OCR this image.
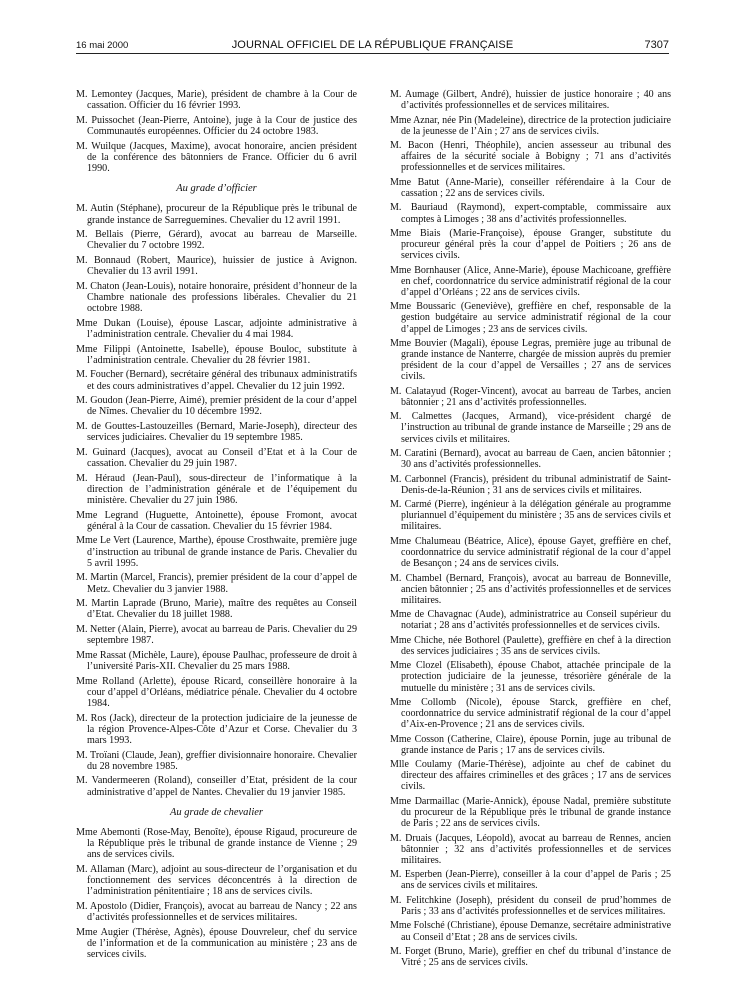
16 mai 2000	JOURNAL OFFICIEL DE LA RÉPUBLIQUE FRANÇAISE	7307

M. Lemontey (Jacques, Marie), président de chambre à la Cour de cassation. Officier du 16 février 1993.

M. Puissochet (Jean-Pierre, Antoine), juge à la Cour de justice des Communautés européennes. Officier du 24 octobre 1983.

M. Wuilque (Jacques, Maxime), avocat honoraire, ancien président de la conférence des bâtonniers de France. Officier du 6 avril 1990.

Au grade d’officier

M. Autin (Stéphane), procureur de la République près le tribunal de grande instance de Sarreguemines. Chevalier du 12 avril 1991.

M. Bellais (Pierre, Gérard), avocat au barreau de Marseille. Chevalier du 7 octobre 1992.

M. Bonnaud (Robert, Maurice), huissier de justice à Avignon. Chevalier du 13 avril 1991.

M. Chaton (Jean-Louis), notaire honoraire, président d’honneur de la Chambre nationale des professions libérales. Chevalier du 21 octobre 1988.

Mme Dukan (Louise), épouse Lascar, adjointe administrative à l’administration centrale. Chevalier du 4 mai 1984.

Mme Filippi (Antoinette, Isabelle), épouse Bouloc, substitute à l’administration centrale. Chevalier du 28 février 1981.

M. Foucher (Bernard), secrétaire général des tribunaux administratifs et des cours administratives d’appel. Chevalier du 12 juin 1992.

M. Goudon (Jean-Pierre, Aimé), premier président de la cour d’appel de Nîmes. Chevalier du 10 décembre 1992.

M. de Gouttes-Lastouzeilles (Bernard, Marie-Joseph), directeur des services judiciaires. Chevalier du 19 septembre 1985.

M. Guinard (Jacques), avocat au Conseil d’Etat et à la Cour de cassation. Chevalier du 29 juin 1987.

M. Héraud (Jean-Paul), sous-directeur de l’informatique à la direction de l’administration générale et de l’équipement du ministère. Chevalier du 27 juin 1986.

Mme Legrand (Huguette, Antoinette), épouse Fromont, avocat général à la Cour de cassation. Chevalier du 15 février 1984.

Mme Le Vert (Laurence, Marthe), épouse Crosthwaite, première juge d’instruction au tribunal de grande instance de Paris. Chevalier du 5 avril 1995.

M. Martin (Marcel, Francis), premier président de la cour d’appel de Metz. Chevalier du 3 janvier 1988.

M. Martin Laprade (Bruno, Marie), maître des requêtes au Conseil d’Etat. Chevalier du 18 juillet 1988.

M. Netter (Alain, Pierre), avocat au barreau de Paris. Chevalier du 29 septembre 1987.

Mme Rassat (Michèle, Laure), épouse Paulhac, professeure de droit à l’université Paris-XII. Chevalier du 25 mars 1988.

Mme Rolland (Arlette), épouse Ricard, conseillère honoraire à la cour d’appel d’Orléans, médiatrice pénale. Chevalier du 4 octobre 1984.

M. Ros (Jack), directeur de la protection judiciaire de la jeunesse de la région Provence-Alpes-Côte d’Azur et Corse. Chevalier du 3 mars 1993.

M. Troïani (Claude, Jean), greffier divisionnaire honoraire. Chevalier du 28 novembre 1985.

M. Vandermeeren (Roland), conseiller d’Etat, président de la cour administrative d’appel de Nantes. Chevalier du 19 janvier 1985.

Au grade de chevalier

Mme Abemonti (Rose-May, Benoîte), épouse Rigaud, procureure de la République près le tribunal de grande instance de Vienne ; 29 ans de services civils.

M. Allaman (Marc), adjoint au sous-directeur de l’organisation et du fonctionnement des services déconcentrés à la direction de l’administration pénitentiaire ; 18 ans de services civils.

M. Apostolo (Didier, François), avocat au barreau de Nancy ; 22 ans d’activités professionnelles et de services militaires.

Mme Augier (Thérèse, Agnès), épouse Douvreleur, chef du service de l’information et de la communication au ministère ; 23 ans de services civils.

M. Aumage (Gilbert, André), huissier de justice honoraire ; 40 ans d’activités professionnelles et de services militaires.

Mme Aznar, née Pin (Madeleine), directrice de la protection judiciaire de la jeunesse de l’Ain ; 27 ans de services civils.

M. Bacon (Henri, Théophile), ancien assesseur au tribunal des affaires de la sécurité sociale à Bobigny ; 71 ans d’activités professionnelles et de services militaires.

Mme Batut (Anne-Marie), conseiller référendaire à la Cour de cassation ; 22 ans de services civils.

M. Bauriaud (Raymond), expert-comptable, commissaire aux comptes à Limoges ; 38 ans d’activités professionnelles.

Mme Biais (Marie-Françoise), épouse Granger, substitute du procureur général près la cour d’appel de Poitiers ; 26 ans de services civils.

Mme Bornhauser (Alice, Anne-Marie), épouse Machicoane, greffière en chef, coordonnatrice du service administratif régional de la cour d’appel d’Orléans ; 22 ans de services civils.

Mme Boussaric (Geneviève), greffière en chef, responsable de la gestion budgétaire au service administratif régional de la cour d’appel de Limoges ; 23 ans de services civils.

Mme Bouvier (Magali), épouse Legras, première juge au tribunal de grande instance de Nanterre, chargée de mission auprès du premier président de la cour d’appel de Versailles ; 27 ans de services civils.

M. Calatayud (Roger-Vincent), avocat au barreau de Tarbes, ancien bâtonnier ; 21 ans d’activités professionnelles.

M. Calmettes (Jacques, Armand), vice-président chargé de l’instruction au tribunal de grande instance de Marseille ; 29 ans de services civils et militaires.

M. Caratini (Bernard), avocat au barreau de Caen, ancien bâtonnier ; 30 ans d’activités professionnelles.

M. Carbonnel (Francis), président du tribunal administratif de Saint-Denis-de-la-Réunion ; 31 ans de services civils et militaires.

M. Carmé (Pierre), ingénieur à la délégation générale au programme pluriannuel d’équipement du ministère ; 35 ans de services civils et militaires.

Mme Chalumeau (Béatrice, Alice), épouse Gayet, greffière en chef, coordonnatrice du service administratif régional de la cour d’appel de Besançon ; 24 ans de services civils.

M. Chambel (Bernard, François), avocat au barreau de Bonneville, ancien bâtonnier ; 25 ans d’activités professionnelles et de services militaires.

Mme de Chavagnac (Aude), administratrice au Conseil supérieur du notariat ; 28 ans d’activités professionnelles et de services civils.

Mme Chiche, née Bothorel (Paulette), greffière en chef à la direction des services judiciaires ; 35 ans de services civils.

Mme Clozel (Elisabeth), épouse Chabot, attachée principale de la protection judiciaire de la jeunesse, trésorière générale de la mutuelle du ministère ; 31 ans de services civils.

Mme Collomb (Nicole), épouse Starck, greffière en chef, coordonnatrice du service administratif régional de la cour d’appel d’Aix-en-Provence ; 21 ans de services civils.

Mme Cosson (Catherine, Claire), épouse Pornin, juge au tribunal de grande instance de Paris ; 17 ans de services civils.

Mlle Coulamy (Marie-Thérèse), adjointe au chef de cabinet du directeur des affaires criminelles et des grâces ; 17 ans de services civils.

Mme Darmaillac (Marie-Annick), épouse Nadal, première substitute du procureur de la République près le tribunal de grande instance de Paris ; 22 ans de services civils.

M. Druais (Jacques, Léopold), avocat au barreau de Rennes, ancien bâtonnier ; 32 ans d’activités professionnelles et de services militaires.

M. Esperben (Jean-Pierre), conseiller à la cour d’appel de Paris ; 25 ans de services civils et militaires.

M. Felitchkine (Joseph), président du conseil de prud’hommes de Paris ; 33 ans d’activités professionnelles et de services militaires.

Mme Folsché (Christiane), épouse Demanze, secrétaire administrative au Conseil d’Etat ; 28 ans de services civils.

M. Forget (Bruno, Marie), greffier en chef du tribunal d’instance de Vitré ; 25 ans de services civils.
